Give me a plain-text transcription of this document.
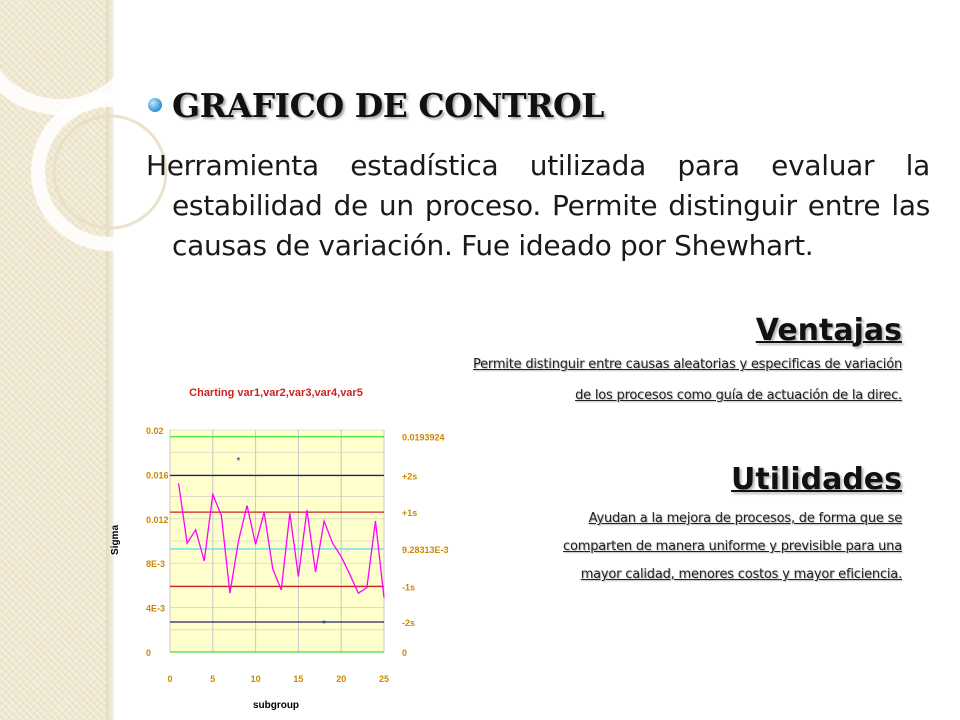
GRAFICO DE CONTROL

Herramienta estadística utilizada para evaluar la estabilidad de un proceso. Permite distinguir entre las causas de variación. Fue ideado por Shewhart.

Ventajas

Permite distinguir entre causas aleatorias y especificas de variación

de los procesos como guía de actuación de la direc.

Utilidades

Ayudan a la mejora de procesos, de forma que se

comparten de manera uniforme y previsible para una

mayor calidad, menores costos y mayor eficiencia.

Charting var1,var2,var3,var4,var5
*
*
0	5	10	15	20	25
0
4E-3
8E-3
0.012
0.016
0.02
0.0193924
+2s
+1s
9.28313E-3
-1s
-2s
0
subgroup
Sigma
